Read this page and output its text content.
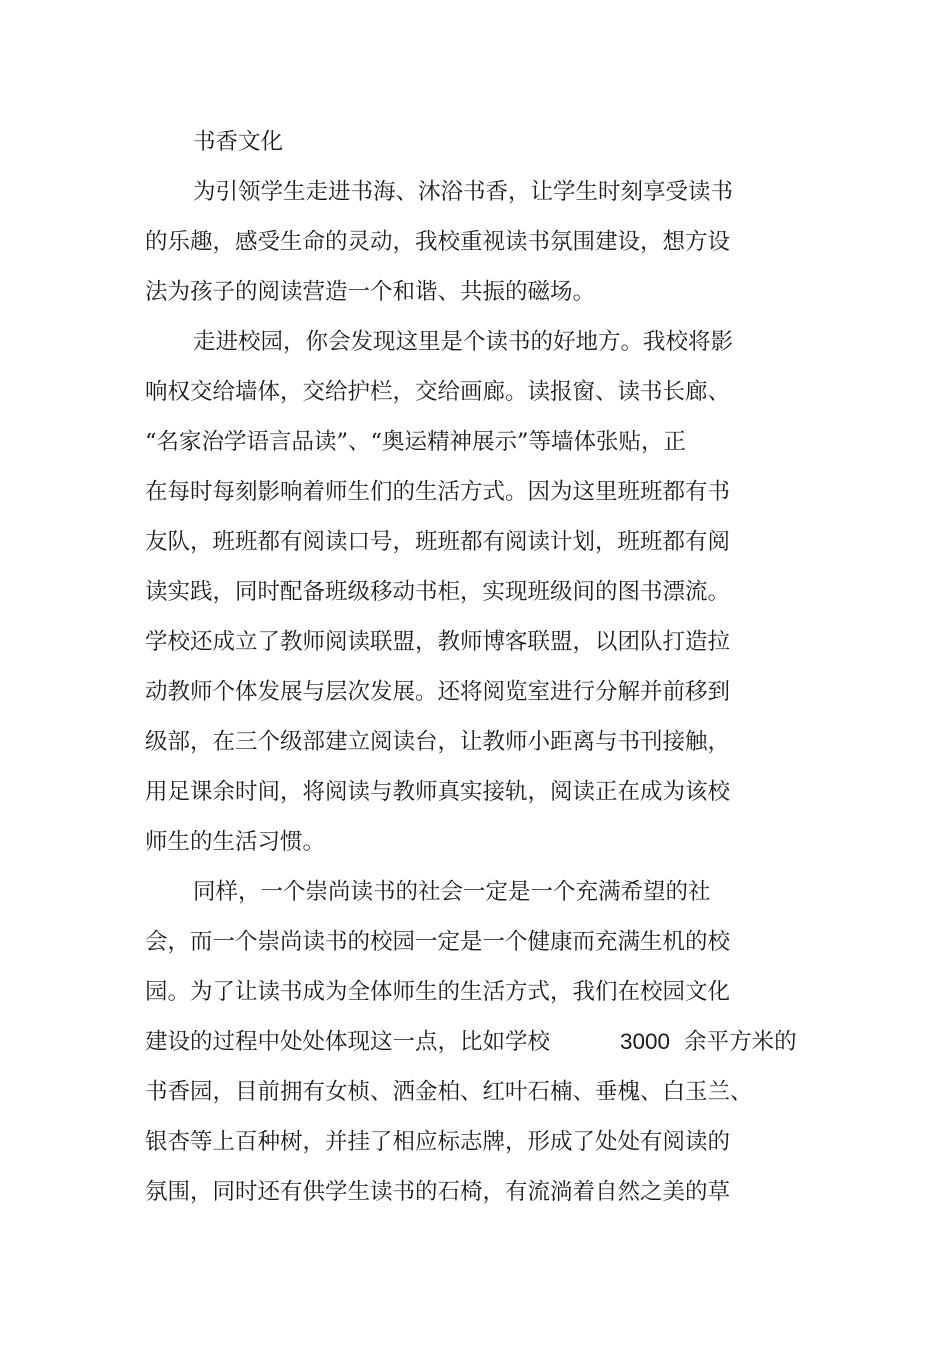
书香文化

为引领学生走进书海、沐浴书香，让学生时刻享受读书

的乐趣，感受生命的灵动，我校重视读书氛围建设，想方设

法为孩子的阅读营造一个和谐、共振的磁场。

走进校园，你会发现这里是个读书的好地方。我校将影

响权交给墙体，交给护栏，交给画廊。读报窗、读书长廊、

“名家治学语言品读”、“奥运精神展示”等墙体张贴，正

在每时每刻影响着师生们的生活方式。因为这里班班都有书

友队，班班都有阅读口号，班班都有阅读计划，班班都有阅

读实践，同时配备班级移动书柜，实现班级间的图书漂流。

学校还成立了教师阅读联盟，教师博客联盟，以团队打造拉

动教师个体发展与层次发展。还将阅览室进行分解并前移到

级部，在三个级部建立阅读台，让教师小距离与书刊接触，

用足课余时间，将阅读与教师真实接轨，阅读正在成为该校

师生的生活习惯。

同样，一个崇尚读书的社会一定是一个充满希望的社

会，而一个崇尚读书的校园一定是一个健康而充满生机的校

园。为了让读书成为全体师生的生活方式，我们在校园文化

建设的过程中处处体现这一点，比如学校	3000 余平方米的

书香园，目前拥有女桢、洒金柏、红叶石楠、垂槐、白玉兰、

银杏等上百种树，并挂了相应标志牌，形成了处处有阅读的

氛围，同时还有供学生读书的石椅，有流淌着自然之美的草
